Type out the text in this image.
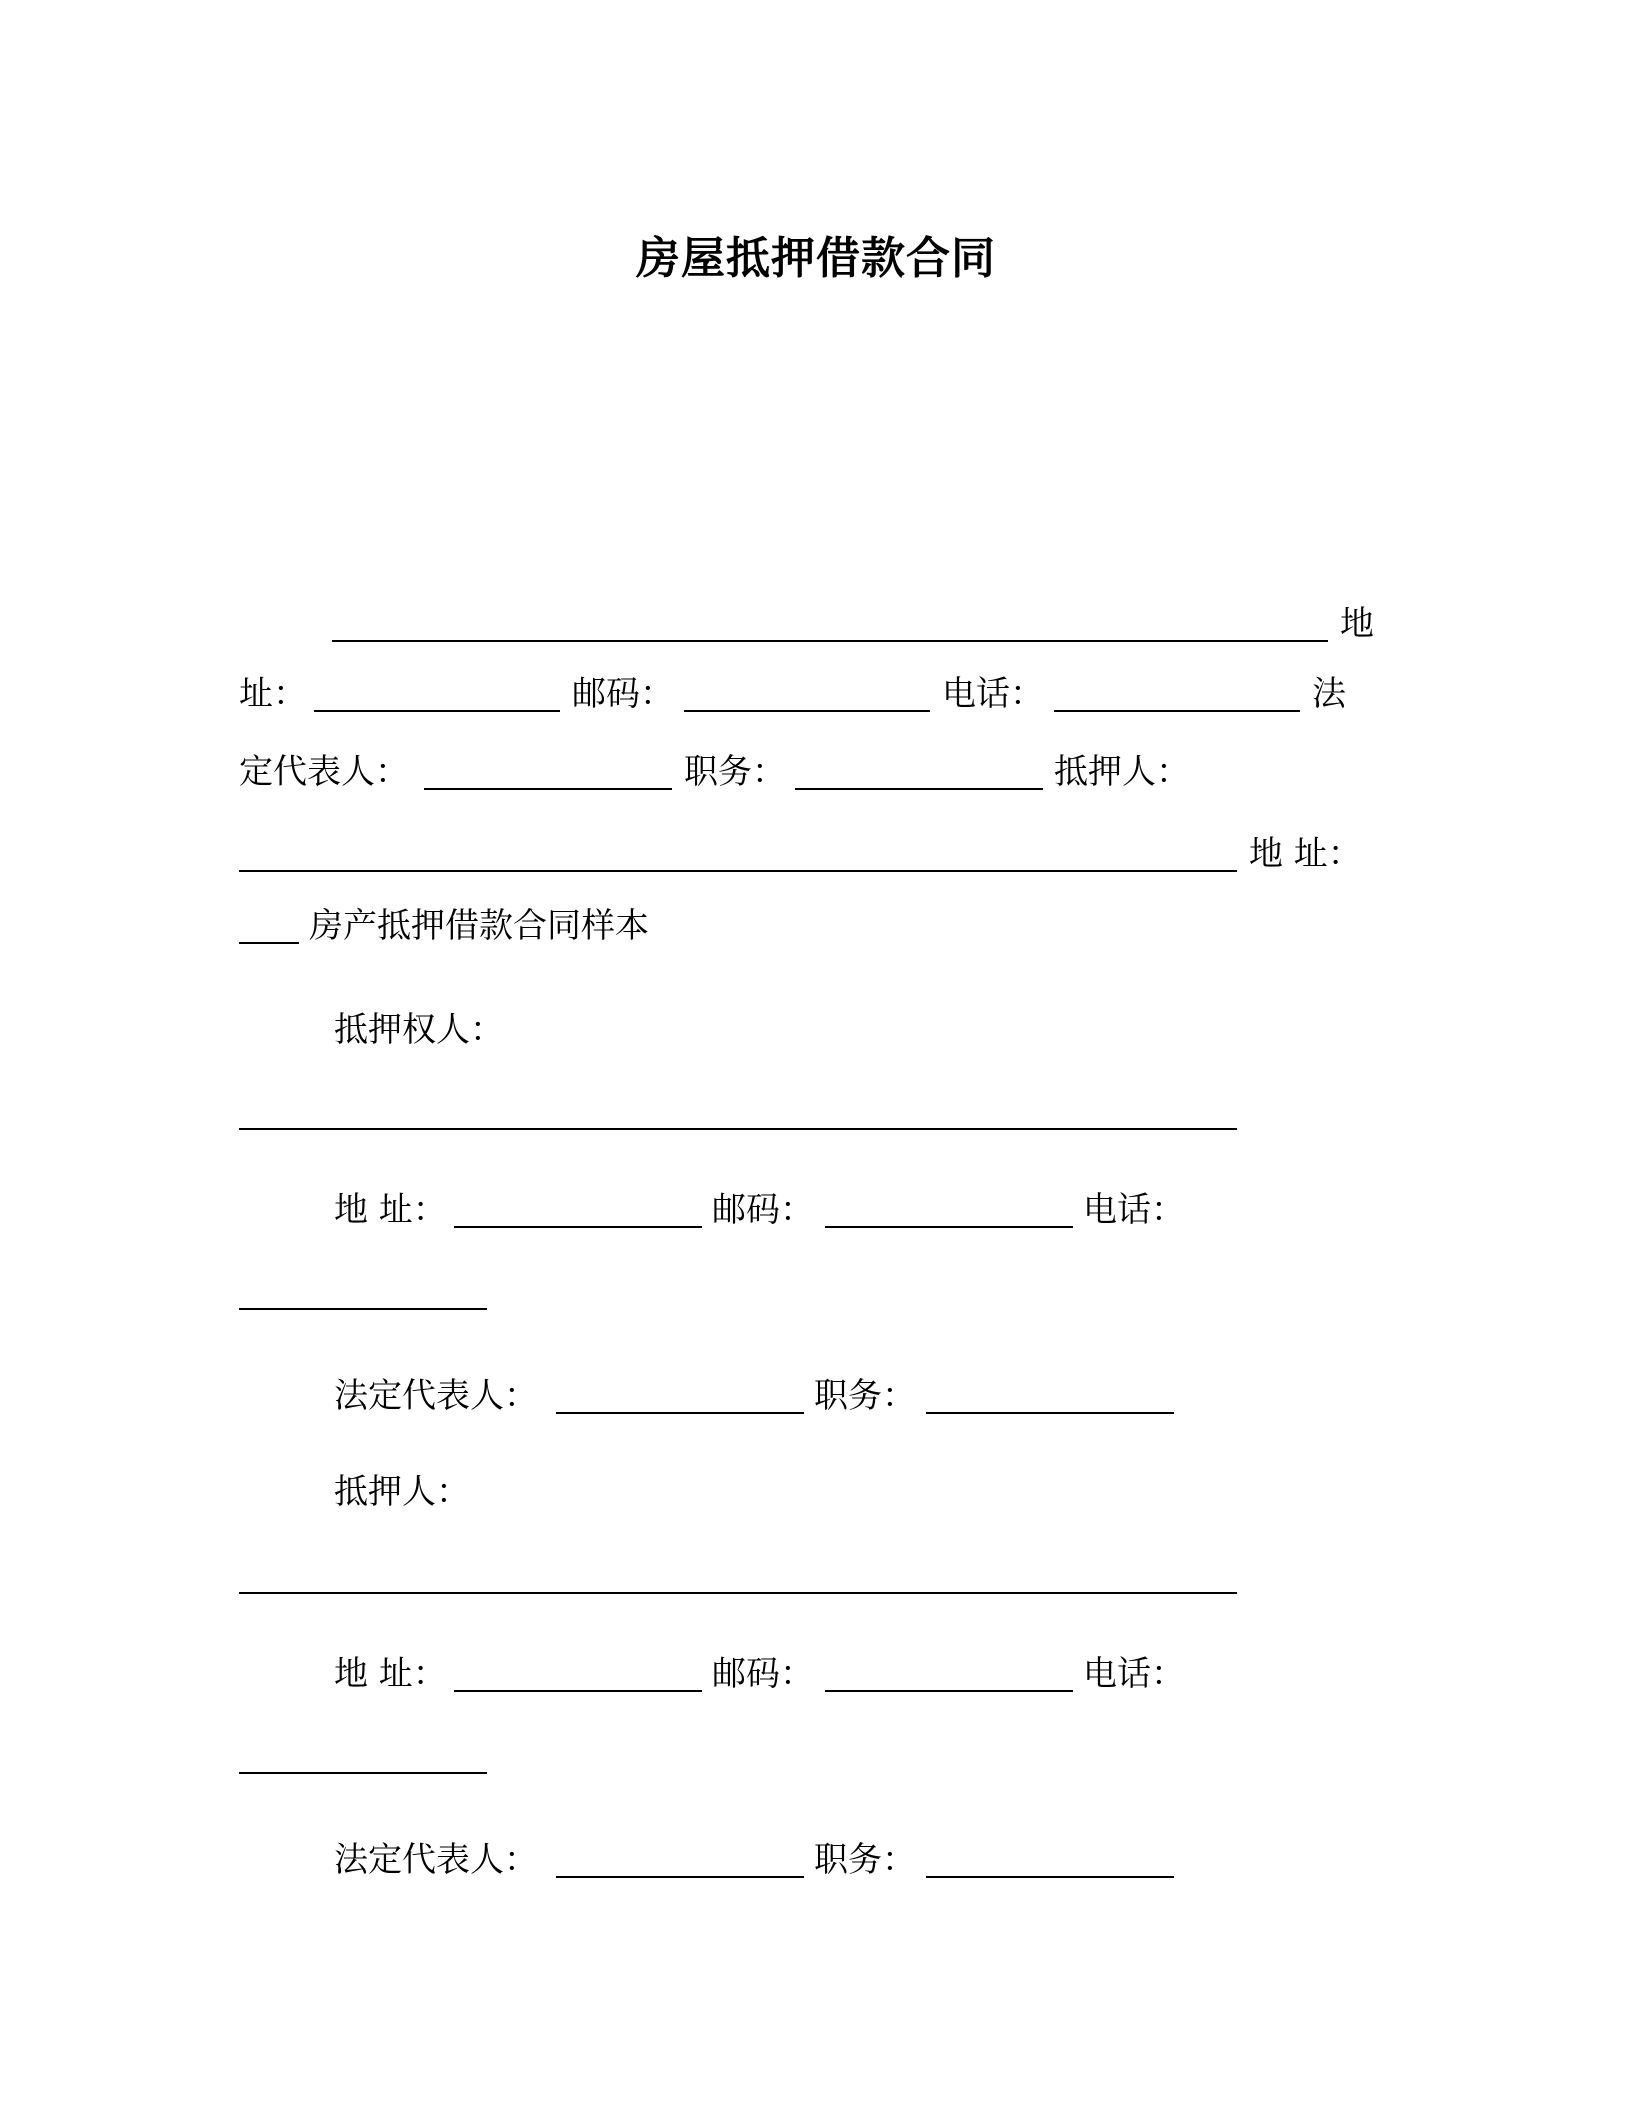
房屋抵押借款合同
地
址：	邮码：	电话：	法
定代表人：	职务：	抵押人：
地 址：
房产抵押借款合同样本
抵押权人：
地 址：	邮码：	电话：
法定代表人：	职务：
抵押人：
地 址：	邮码：	电话：
法定代表人：	职务：
